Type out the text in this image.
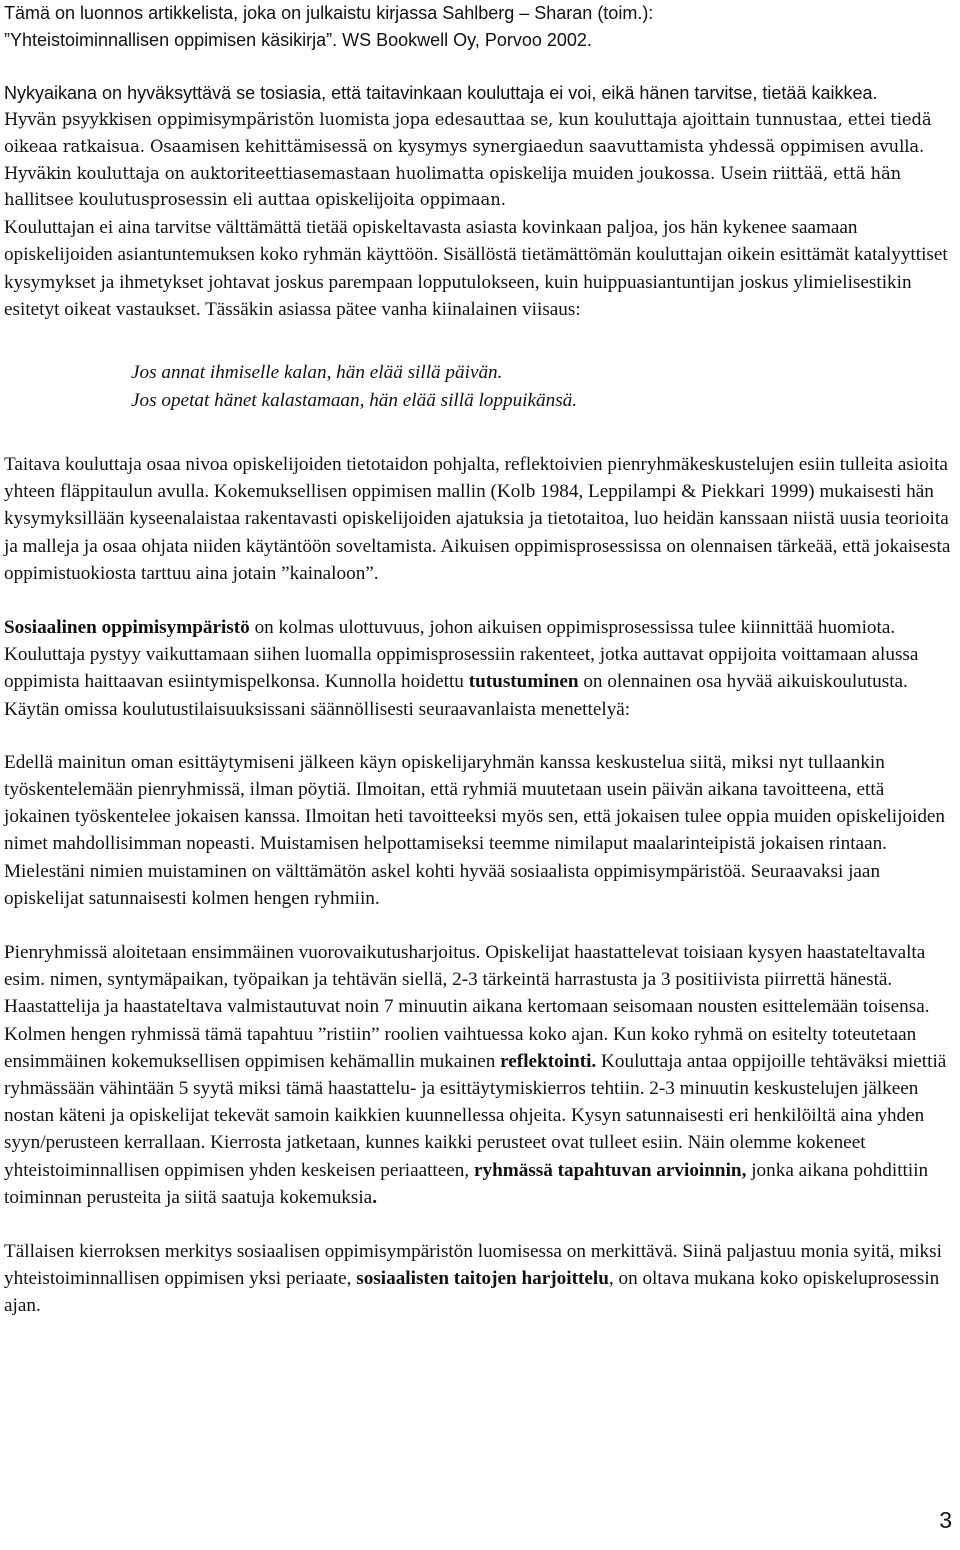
Tämä on luonnos artikkelista, joka on julkaistu kirjassa Sahlberg – Sharan (toim.):
”Yhteistoiminnallisen oppimisen käsikirja”. WS Bookwell Oy, Porvoo 2002.

Nykyaikana on hyväksyttävä se tosiasia, että taitavinkaan kouluttaja ei voi, eikä hänen tarvitse, tietää kaikkea.

Hyvän psyykkisen oppimisympäristön luomista jopa edesauttaa se, kun kouluttaja ajoittain tunnustaa, ettei tiedä oikeaa ratkaisua. Osaamisen kehittämisessä on kysymys synergiaedun saavuttamista yhdessä oppimisen avulla. Hyväkin kouluttaja on auktoriteettiasemastaan huolimatta opiskelija muiden joukossa. Usein riittää, että hän hallitsee koulutusprosessin eli auttaa opiskelijoita oppimaan.

Kouluttajan ei aina tarvitse välttämättä tietää opiskeltavasta asiasta kovinkaan paljoa, jos hän kykenee saamaan opiskelijoiden asiantuntemuksen koko ryhmän käyttöön. Sisällöstä tietämättömän kouluttajan oikein esittämät katalyyttiset kysymykset ja ihmetykset johtavat joskus parempaan lopputulokseen, kuin huippuasiantuntijan joskus ylimielisestikin esitetyt oikeat vastaukset. Tässäkin asiassa pätee vanha kiinalainen viisaus:

Jos annat ihmiselle kalan, hän elää sillä päivän.
Jos opetat hänet kalastamaan, hän elää sillä loppuikänsä.

Taitava kouluttaja osaa nivoa opiskelijoiden tietotaidon pohjalta, reflektoivien pienryhmäkeskustelujen esiin tulleita asioita yhteen fläppitaulun avulla. Kokemuksellisen oppimisen mallin (Kolb 1984, Leppilampi & Piekkari 1999) mukaisesti hän kysymyksillään kyseenalaistaa rakentavasti opiskelijoiden ajatuksia ja tietotaitoa, luo heidän kanssaan niistä uusia teorioita ja malleja ja osaa ohjata niiden käytäntöön soveltamista. Aikuisen oppimisprosessissa on olennaisen tärkeää, että jokaisesta oppimistuokiosta tarttuu aina jotain ”kainaloon”.

Sosiaalinen oppimisympäristö on kolmas ulottuvuus, johon aikuisen oppimisprosessissa tulee kiinnittää huomiota. Kouluttaja pystyy vaikuttamaan siihen luomalla oppimisprosessiin rakenteet, jotka auttavat oppijoita voittamaan alussa oppimista haittaavan esiintymispelkonsa. Kunnolla hoidettu tutustuminen on olennainen osa hyvää aikuiskoulutusta. Käytän omissa koulutustilaisuuksissani säännöllisesti seuraavanlaista menettelyä:

Edellä mainitun oman esittäytymiseni jälkeen käyn opiskelijaryhmän kanssa keskustelua siitä, miksi nyt tullaankin työskentelemään pienryhmissä, ilman pöytiä. Ilmoitan, että ryhmiä muutetaan usein päivän aikana tavoitteena, että jokainen työskentelee jokaisen kanssa. Ilmoitan heti tavoitteeksi myös sen, että jokaisen tulee oppia muiden opiskelijoiden nimet mahdollisimman nopeasti. Muistamisen helpottamiseksi teemme nimilaput maalarinteipistä jokaisen rintaan. Mielestäni nimien muistaminen on välttämätön askel kohti hyvää sosiaalista oppimisympäristöä. Seuraavaksi jaan opiskelijat satunnaisesti kolmen hengen ryhmiin.

Pienryhmissä aloitetaan ensimmäinen vuorovaikutusharjoitus. Opiskelijat haastattelevat toisiaan kysyen haastateltavalta esim. nimen, syntymäpaikan, työpaikan ja tehtävän siellä, 2-3 tärkeintä harrastusta ja 3 positiivista piirrettä hänestä. Haastattelija ja haastateltava valmistautuvat noin 7 minuutin aikana kertomaan seisomaan nousten esittelemään toisensa. Kolmen hengen ryhmissä tämä tapahtuu ”ristiin” roolien vaihtuessa koko ajan. Kun koko ryhmä on esitelty toteutetaan ensimmäinen kokemuksellisen oppimisen kehämallin mukainen reflektointi. Kouluttaja antaa oppijoille tehtäväksi miettiä ryhmässään vähintään 5 syytä miksi tämä haastattelu- ja esittäytymiskierros tehtiin. 2-3 minuutin keskustelujen jälkeen nostan käteni ja opiskelijat tekevät samoin kaikkien kuunnellessa ohjeita. Kysyn satunnaisesti eri henkilöiltä aina yhden syyn/perusteen kerrallaan. Kierrosta jatketaan, kunnes kaikki perusteet ovat tulleet esiin. Näin olemme kokeneet yhteistoiminnallisen oppimisen yhden keskeisen periaatteen, ryhmässä tapahtuvan arvioinnin, jonka aikana pohdittiin toiminnan perusteita ja siitä saatuja kokemuksia.

Tällaisen kierroksen merkitys sosiaalisen oppimisympäristön luomisessa on merkittävä. Siinä paljastuu monia syitä, miksi yhteistoiminnallisen oppimisen yksi periaate, sosiaalisten taitojen harjoittelu, on oltava mukana koko opiskeluprosessin ajan.

3
